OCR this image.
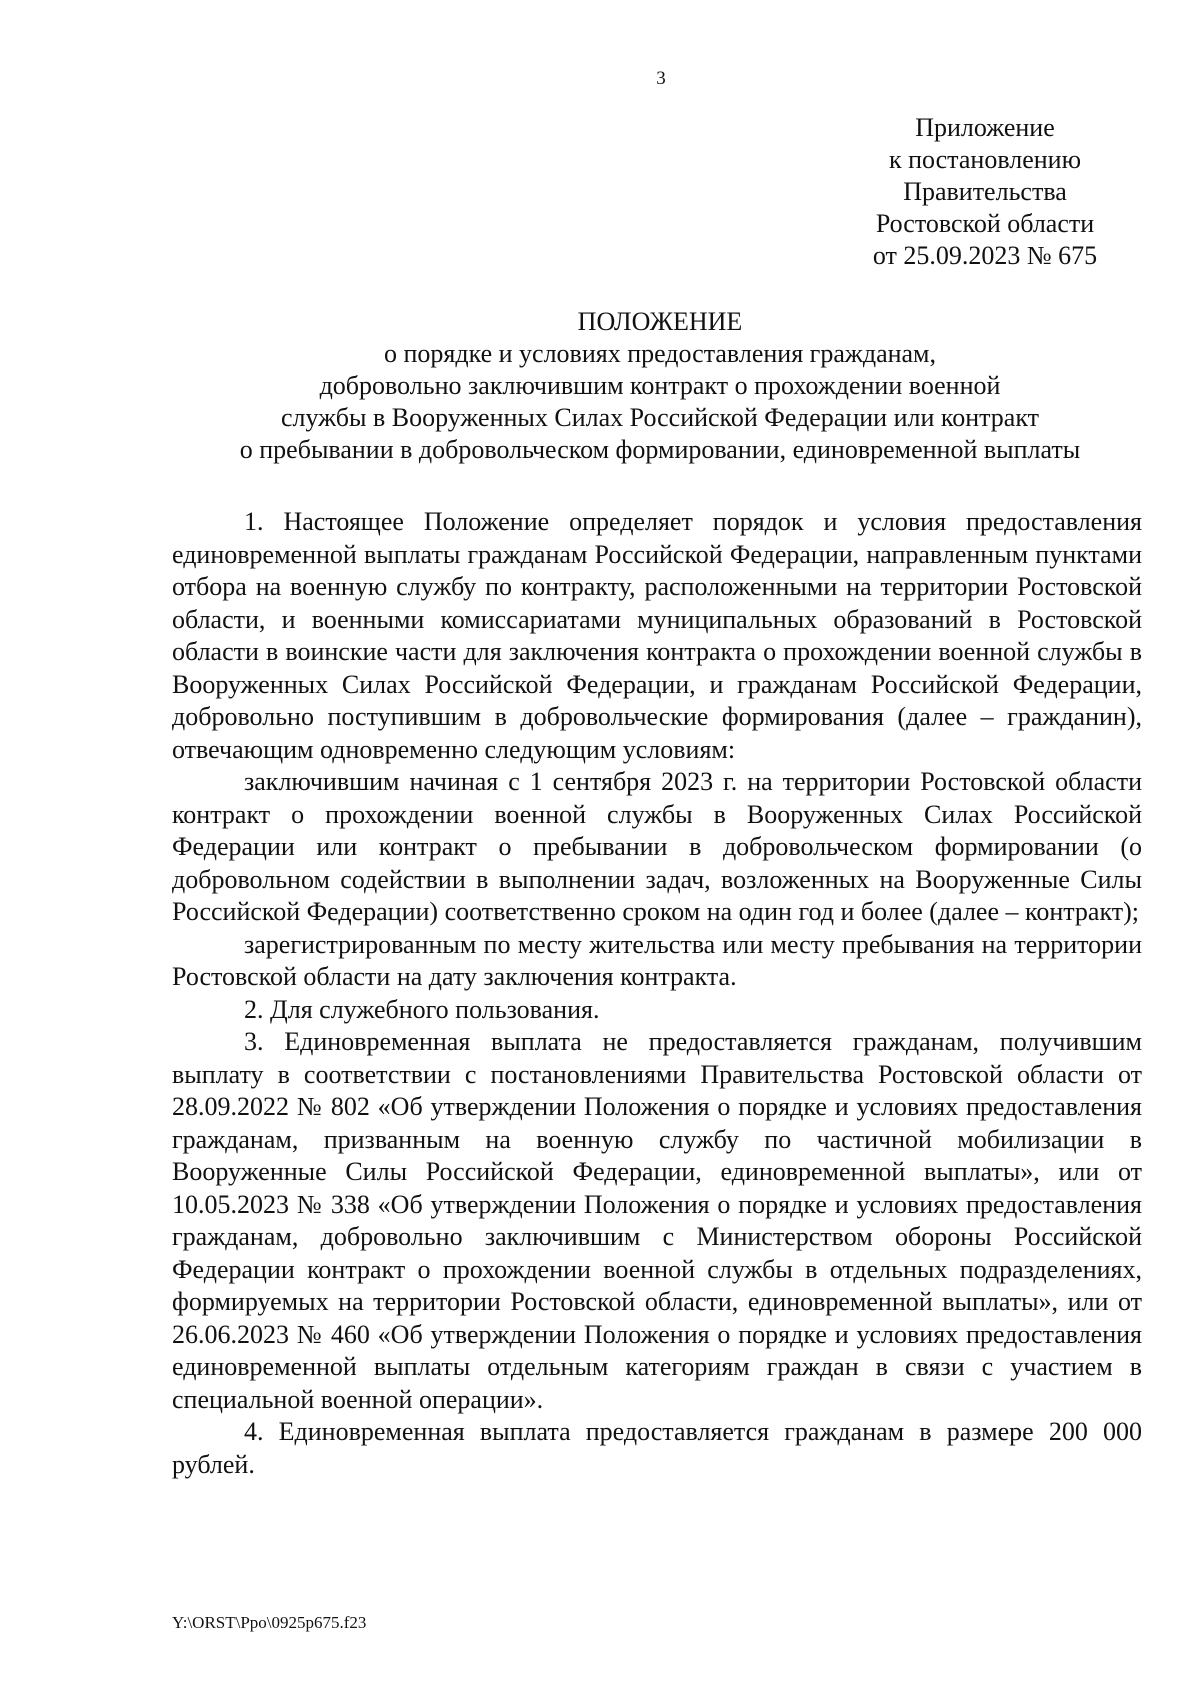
3
Приложение
к постановлению
Правительства
Ростовской области
от 25.09.2023 № 675
ПОЛОЖЕНИЕ
о порядке и условиях предоставления гражданам,
добровольно заключившим контракт о прохождении военной
службы в Вооруженных Силах Российской Федерации или контракт
о пребывании в добровольческом формировании, единовременной выплаты

1. Настоящее Положение определяет порядок и условия предоставления единовременной выплаты гражданам Российской Федерации, направленным пунктами отбора на военную службу по контракту, расположенными на территории Ростовской области, и военными комиссариатами муниципальных образований в Ростовской области в воинские части для заключения контракта о прохождении военной службы в Вооруженных Силах Российской Федерации, и гражданам Российской Федерации, добровольно поступившим в добровольческие формирования (далее – гражданин), отвечающим одновременно следующим условиям:

заключившим начиная с 1 сентября 2023 г. на территории Ростовской области контракт о прохождении военной службы в Вооруженных Силах Российской Федерации или контракт о пребывании в добровольческом формировании (о добровольном содействии в выполнении задач, возложенных на Вооруженные Силы Российской Федерации) соответственно сроком на один год и более (далее – контракт);

зарегистрированным по месту жительства или месту пребывания на территории Ростовской области на дату заключения контракта.

2. Для служебного пользования.

3. Единовременная выплата не предоставляется гражданам, получившим выплату в соответствии с постановлениями Правительства Ростовской области от 28.09.2022 № 802 «Об утверждении Положения о порядке и условиях предоставления гражданам, призванным на военную службу по частичной мобилизации в Вооруженные Силы Российской Федерации, единовременной выплаты», или от 10.05.2023 № 338 «Об утверждении Положения о порядке и условиях предоставления гражданам, добровольно заключившим с Министерством обороны Российской Федерации контракт о прохождении военной службы в отдельных подразделениях, формируемых на территории Ростовской области, единовременной выплаты», или от 26.06.2023 № 460 «Об утверждении Положения о порядке и условиях предоставления единовременной выплаты отдельным категориям граждан в связи с участием в специальной военной операции».

4. Единовременная выплата предоставляется гражданам в размере 200 000 рублей.

Y:\ORST\Ppo\0925p675.f23
